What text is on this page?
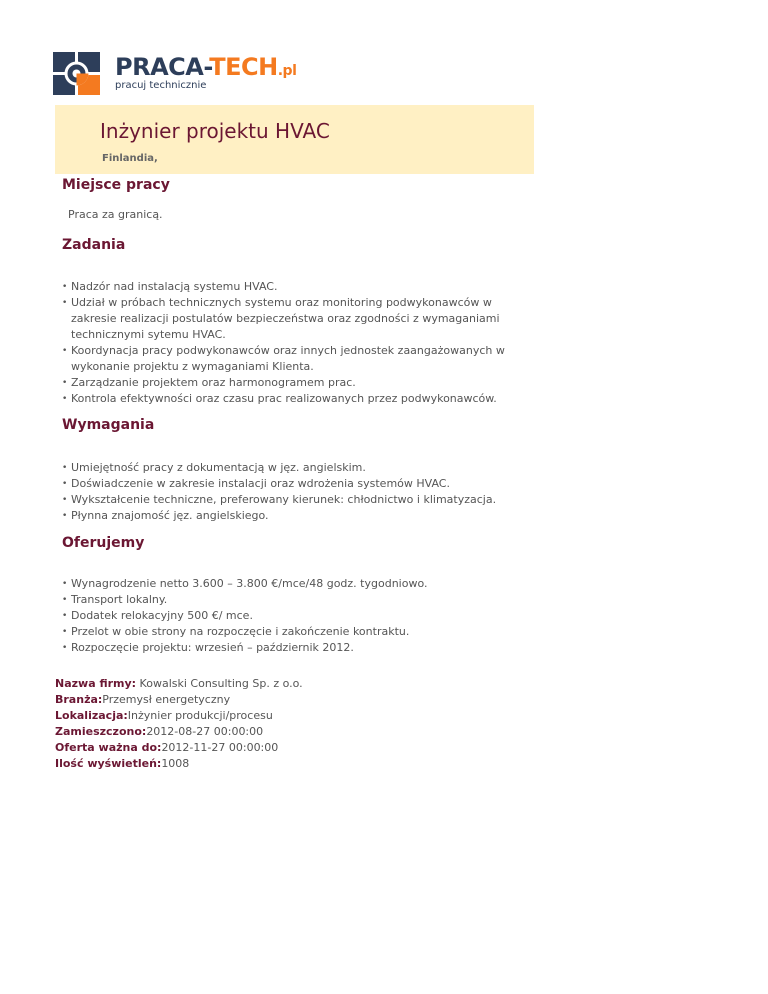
PRACA-TECH.pl
pracuj technicznie
Inżynier projektu HVAC
Finlandia,
Miejsce pracy

Praca za granicą.

Zadania
• Nadzór nad instalacją systemu HVAC.
• Udział w próbach technicznych systemu oraz monitoring podwykonawców w zakresie realizacji postulatów bezpieczeństwa oraz zgodności z wymaganiami technicznymi sytemu HVAC.
• Koordynacja pracy podwykonawców oraz innych jednostek zaangażowanych w wykonanie projektu z wymaganiami Klienta.
• Zarządzanie projektem oraz harmonogramem prac.
• Kontrola efektywności oraz czasu prac realizowanych przez podwykonawców.
Wymagania
• Umiejętność pracy z dokumentacją w jęz. angielskim.
• Doświadczenie w zakresie instalacji oraz wdrożenia systemów HVAC.
• Wykształcenie techniczne, preferowany kierunek: chłodnictwo i klimatyzacja.
• Płynna znajomość jęz. angielskiego.
Oferujemy
• Wynagrodzenie netto 3.600 – 3.800 €/mce/48 godz. tygodniowo.
• Transport lokalny.
• Dodatek relokacyjny 500 €/ mce.
• Przelot w obie strony na rozpoczęcie i zakończenie kontraktu.
• Rozpoczęcie projektu: wrzesień – październik 2012.
Nazwa firmy: Kowalski Consulting Sp. z o.o.
Branża:Przemysł energetyczny
Lokalizacja:Inżynier produkcji/procesu
Zamieszczono:2012-08-27 00:00:00
Oferta ważna do:2012-11-27 00:00:00
Ilość wyświetleń:1008
